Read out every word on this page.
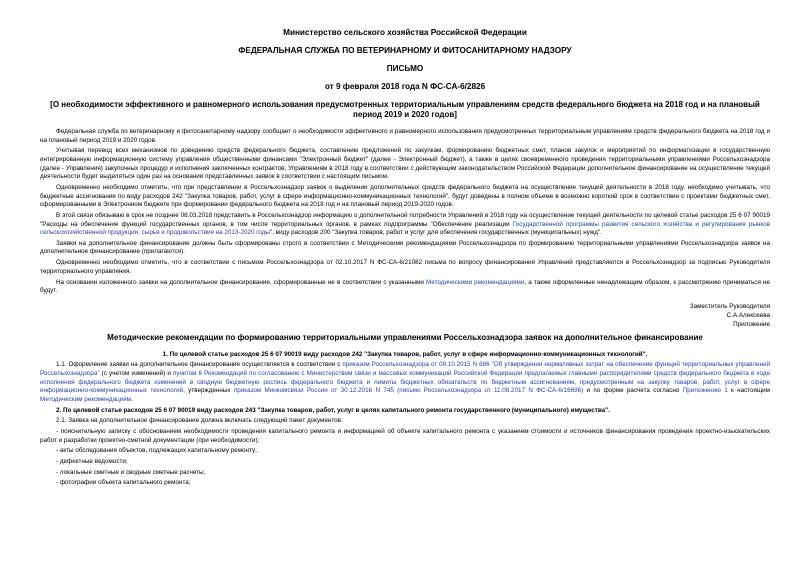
Министерство сельского хозяйства Российской Федерации
ФЕДЕРАЛЬНАЯ СЛУЖБА ПО ВЕТЕРИНАРНОМУ И ФИТОСАНИТАРНОМУ НАДЗОРУ
ПИСЬМО
от 9 февраля 2018 года N ФС-СА-6/2826
[О необходимости эффективного и равномерного использования предусмотренных территориальным управлениям средств федерального бюджета на 2018 год и на плановый период 2019 и 2020 годов]

Федеральная служба по ветеринарному и фитосанитарному надзору сообщает о необходимости эффективного и равномерного использования предусмотренных территориальным управлениям средств федерального бюджета на 2018 год и на плановый период 2019 и 2020 годов.

Учитывая перевод всех механизмов по доведению средств федерального бюджета, составлению предложений по закупкам, формированию бюджетных смет, планов закупок и мероприятий по информатизации в государственную интегрированную информационную систему управления общественными финансами "Электронный бюджет" (далее - Электронный бюджет), а также в целях своевременного проведения территориальными управлениями Россельхознадзора (далее - Управления) закупочных процедур и исполнения заключенных контрактов, Управлениям в 2018 году в соответствии с действующим законодательством Российской Федерации дополнительное финансирование на осуществление текущей деятельности будет выделяться один раз на основании представленных заявок в соответствии с настоящим письмом.

Одновременно необходимо отметить, что при представлении в Россельхознадзор заявок о выделении дополнительных средств федерального бюджета на осуществление текущей деятельности в 2018 году, необходимо учитывать, что бюджетные ассигнования по виду расходов 242 "Закупка товаров, работ, услуг в сфере информационно-коммуникационных технологий", будут доведены в полном объеме в возможно короткий срок в соответствии с проектами бюджетных смет, сформированными в Электронном бюджете при формировании федерального бюджета на 2018 год и на плановый период 2019-2020 годов.

В этой связи обязываю в срок не позднее 08.03.2018 представить в Россельхознадзор информацию о дополнительной потребности Управлений в 2018 году на осуществление текущей деятельности по целевой статье расходов 25 6 07 90019 "Расходы на обеспечение функций государственных органов, в том числе территориальных органов, в рамках подпрограммы "Обеспечение реализации Государственной программы развития сельского хозяйства и регулирования рынков сельскохозяйственной продукции, сырья и продовольствия на 2013-2020 годы", виду расходов 200 "Закупка товаров, работ и услуг для обеспечения государственных (муниципальных) нужд".

Заявки на дополнительное финансирование должны быть сформированы строго в соответствии с Методическими рекомендациями Россельхознадзора по формированию территориальными управлениями Россельхознадзора заявок на дополнительное финансирование (прилагаются).

Одновременно необходимо отметить, что в соответствии с письмом Россельхознадзора от 02.10.2017 N ФС-СА-6/21082 письма по вопросу финансирования Управлений представляются в Россельхознадзор за подписью Руководителя территориального управления.

На основании изложенного заявки на дополнительное финансирование, сформированные не в соответствии с указанными Методическими рекомендациями, а также оформленные ненадлежащим образом, к рассмотрению приниматься не будут.

Заместитель Руководителя
С.А.Алексеева
Приложение
Методические рекомендации по формированию территориальными управлениями Россельхознадзора заявок на дополнительное финансирование
1. По целевой статье расходов 25 6 07 90019 виду расходов 242 "Закупка товаров, работ, услуг в сфере информационно-коммуникационных технологий".

1.1. Оформление заявки на дополнительное финансирование осуществляется в соответствии с приказом Россельхознадзора от 09.10.2015 N 686 "Об утверждении нормативных затрат на обеспечение функций территориальных управлений Россельхознадзора" (с учетом изменений) и пунктом 6 Рекомендаций по согласованию с Министерством связи и массовых коммуникаций Российской Федерации предлагаемых главными распорядителями средств федерального бюджета в ходе исполнения федерального бюджета изменений в сводную бюджетную роспись федерального бюджета и лимиты бюджетных обязательств по бюджетным ассигнованиям, предусмотренным на закупку товаров, работ, услуг в сфере информационно-коммуникационных технологий, утвержденных приказом Минкомсвязи России от 30.12.2016 N 745 (письмо Россельхознадзора от 11.08.2017 N ФС-СА-6/16696) и по форме расчета согласно Приложению 1 к настоящим Методическим рекомендациям.

2. По целевой статье расходов 25 6 07 90019 виду расходов 243 "Закупка товаров, работ, услуг в целях капитального ремонта государственного (муниципального) имущества".

2.1. Заявка на дополнительное финансирование должна включать следующий пакет документов:

- пояснительную записку с обоснованием необходимости проведения капитального ремонта и информацией об объекте капитального ремонта с указанием стоимости и источников финансирования проведения проектно-изыскательских работ и разработки проектно-сметной документации (при необходимости);

- акты обследования объектов, подлежащих капитальному ремонту;
- дефектные ведомости;
- локальные сметные и сводные сметные расчеты;
- фотографии объекта капитального ремонта;
